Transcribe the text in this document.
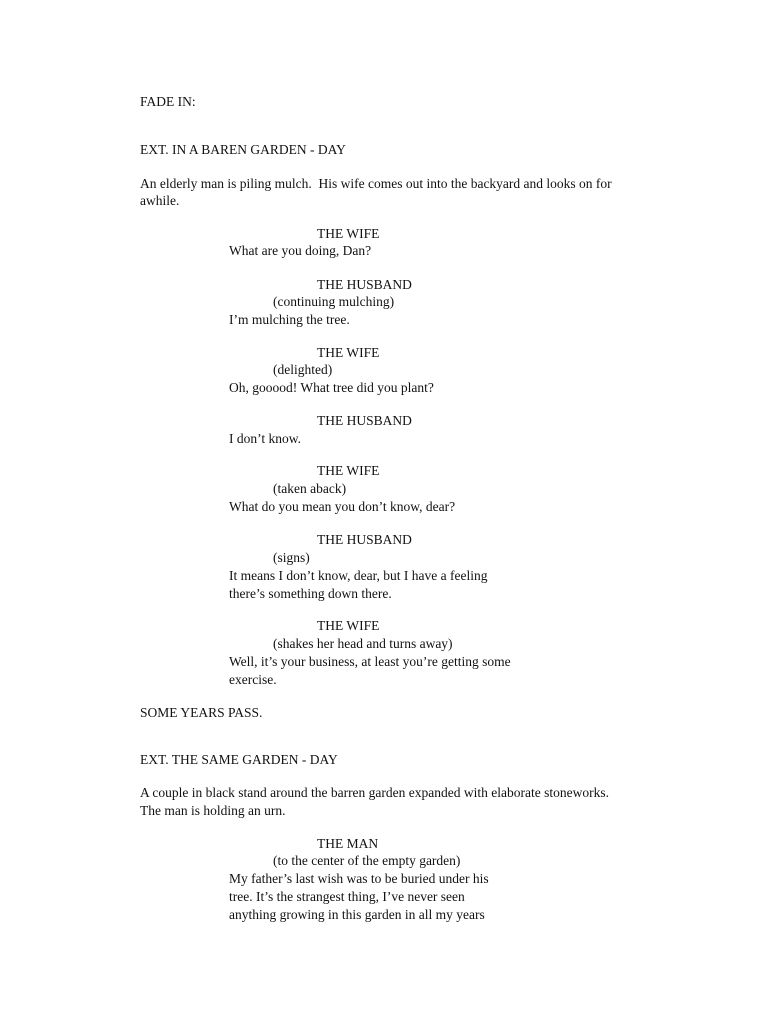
FADE IN:
EXT. IN A BAREN GARDEN - DAY
An elderly man is piling mulch.  His wife comes out into the backyard and looks on for
awhile.
THE WIFE
What are you doing, Dan?
THE HUSBAND
(continuing mulching)
I’m mulching the tree.
THE WIFE
(delighted)
Oh, gooood! What tree did you plant?
THE HUSBAND
I don’t know.
THE WIFE
(taken aback)
What do you mean you don’t know, dear?
THE HUSBAND
(signs)
It means I don’t know, dear, but I have a feeling
there’s something down there.
THE WIFE
(shakes her head and turns away)
Well, it’s your business, at least you’re getting some
exercise.
SOME YEARS PASS.
EXT. THE SAME GARDEN - DAY
A couple in black stand around the barren garden expanded with elaborate stoneworks.
The man is holding an urn.
THE MAN
(to the center of the empty garden)
My father’s last wish was to be buried under his
tree. It’s the strangest thing, I’ve never seen
anything growing in this garden in all my years
